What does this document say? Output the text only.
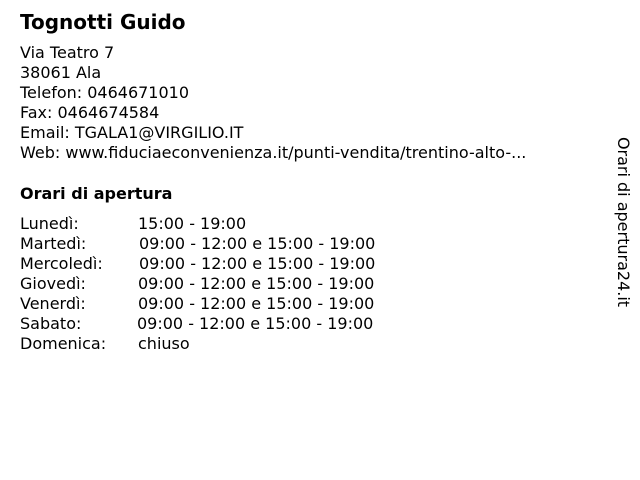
Tognotti Guido
Via Teatro 7
38061 Ala
Telefon: 0464671010
Fax: 0464674584
Email: TGALA1@VIRGILIO.IT
Web: www.fiduciaeconvenienza.it/punti-vendita/trentino-alto-...
Orari di apertura
Lunedì:	15:00 - 19:00
Martedì:	09:00 - 12:00 e 15:00 - 19:00
Mercoledì: 09:00 - 12:00 e 15:00 - 19:00
Giovedì:	09:00 - 12:00 e 15:00 - 19:00
Venerdì:	09:00 - 12:00 e 15:00 - 19:00
Sabato:	09:00 - 12:00 e 15:00 - 19:00
Domenica: chiuso
Orari di apertura24.it
